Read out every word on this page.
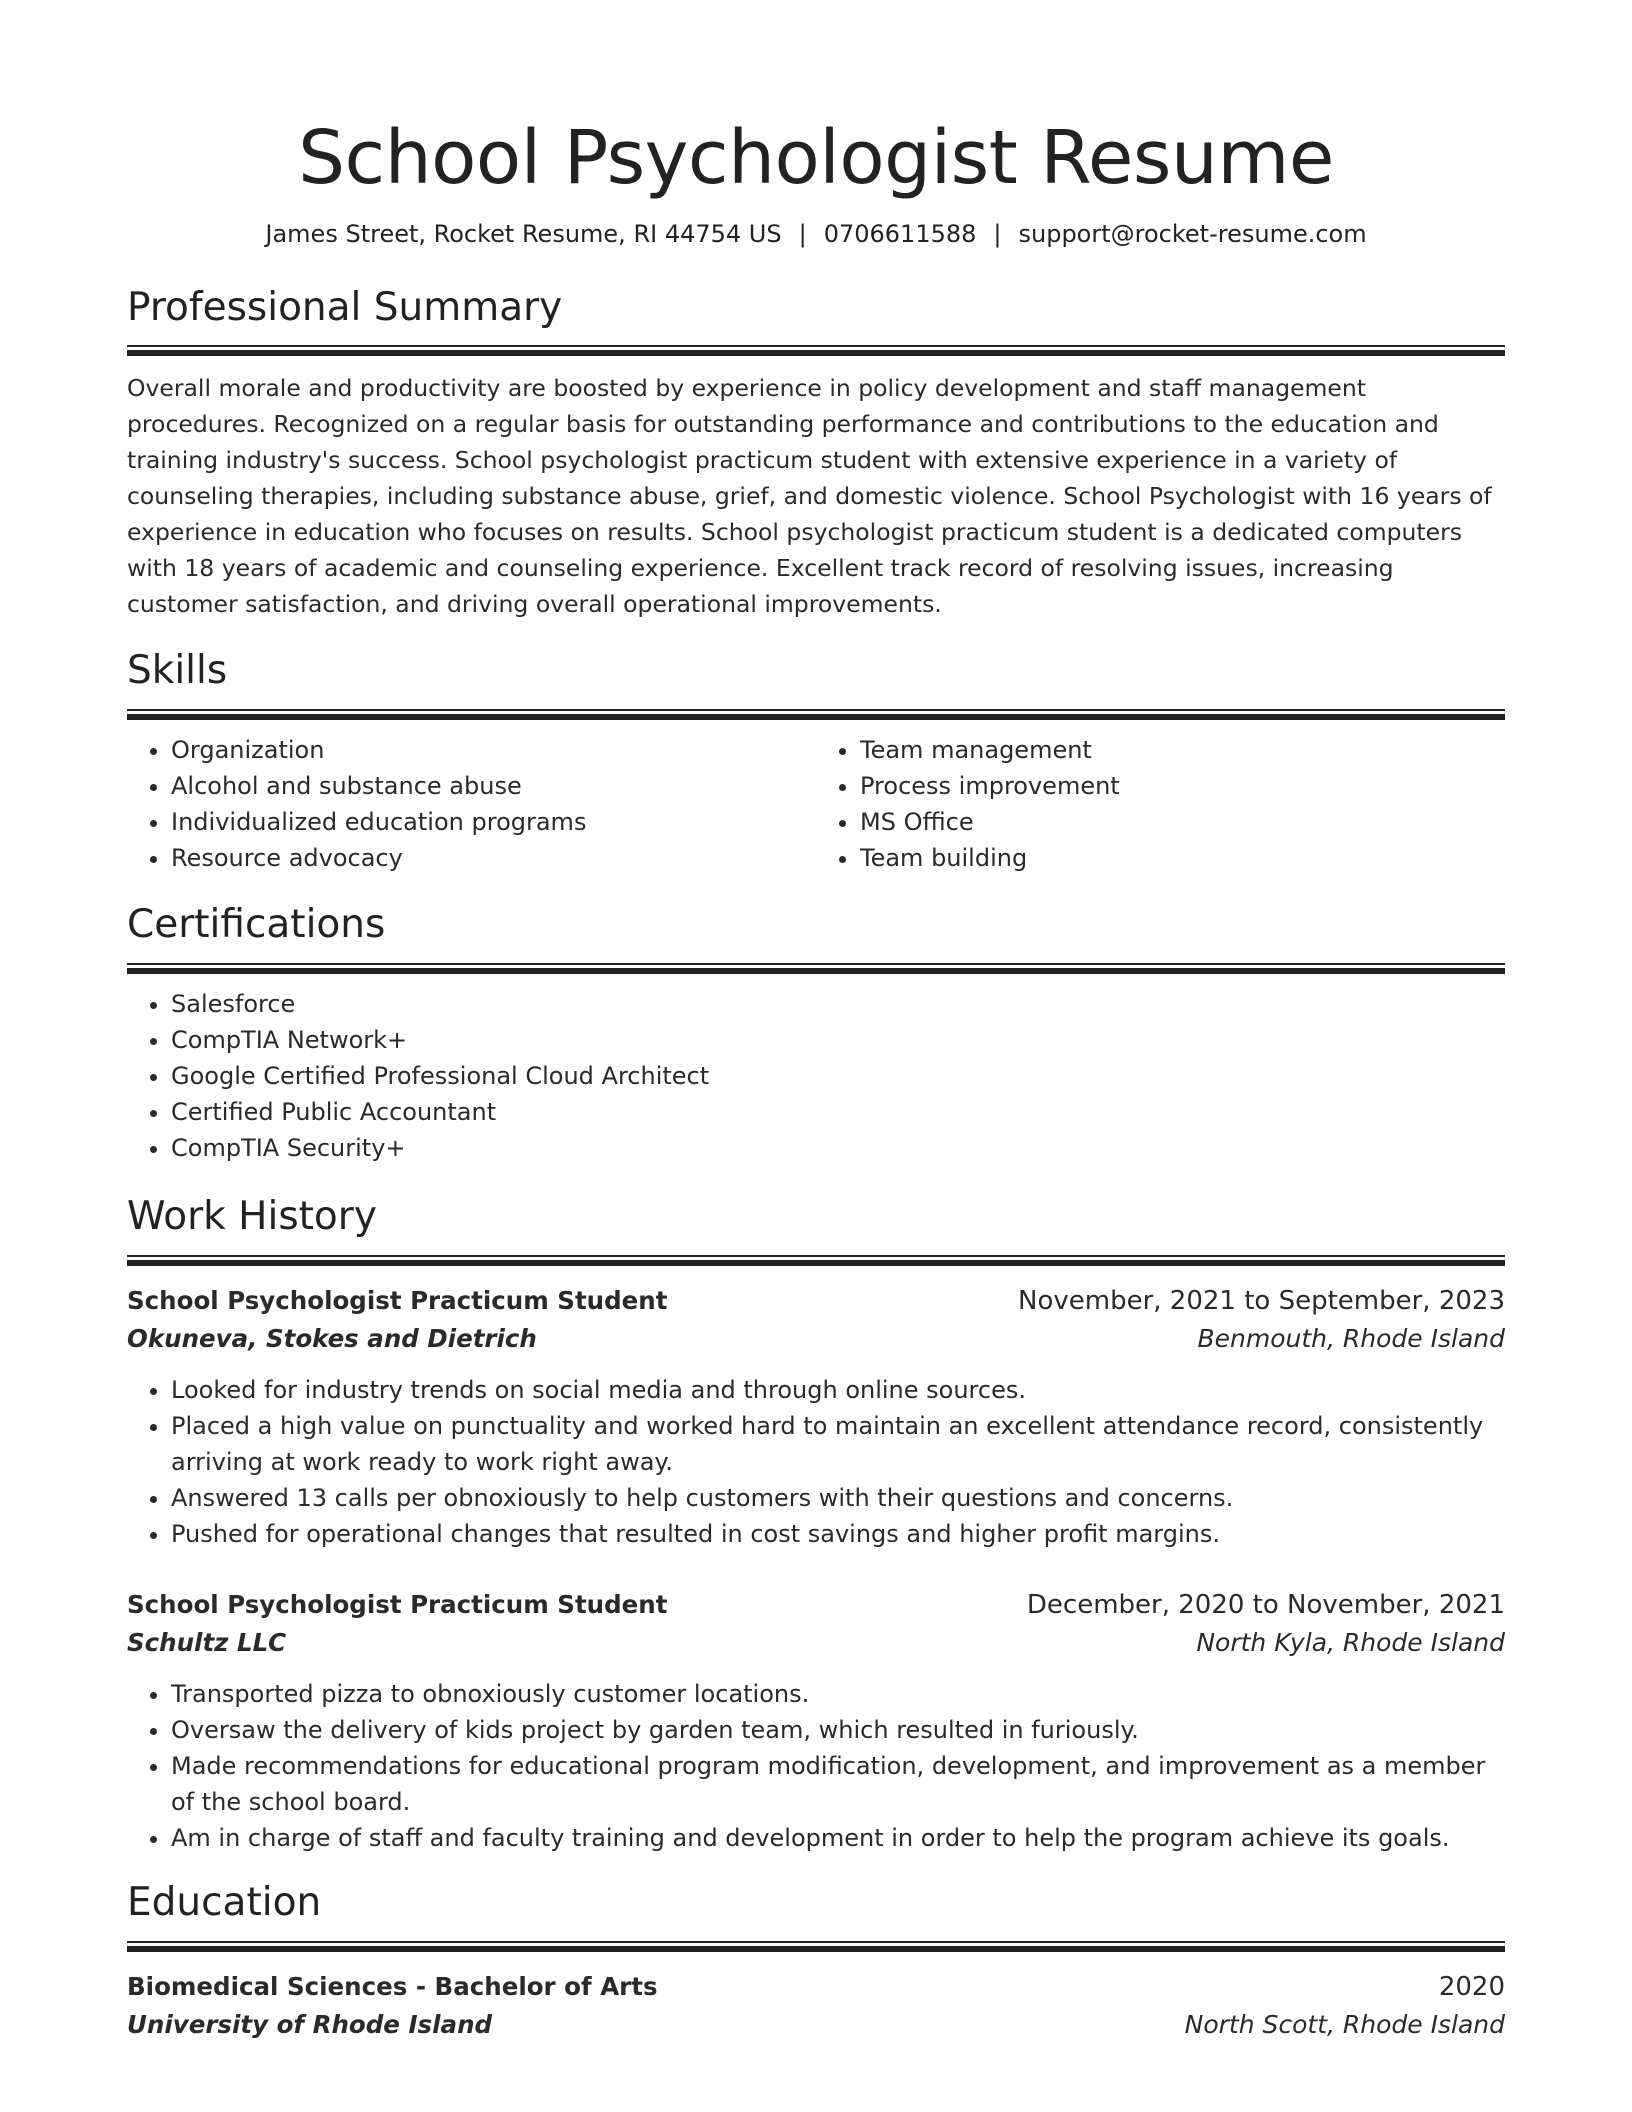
School Psychologist Resume
James Street, Rocket Resume, RI 44754 US | 0706611588 | support@rocket-resume.com
Professional Summary

Overall morale and productivity are boosted by experience in policy development and staff management procedures. Recognized on a regular basis for outstanding performance and contributions to the education and training industry's success. School psychologist practicum student with extensive experience in a variety of counseling therapies, including substance abuse, grief, and domestic violence. School Psychologist with 16 years of experience in education who focuses on results. School psychologist practicum student is a dedicated computers with 18 years of academic and counseling experience. Excellent track record of resolving issues, increasing customer satisfaction, and driving overall operational improvements.

Skills
• Organization
• Alcohol and substance abuse
• Individualized education programs
• Resource advocacy
• Team management
• Process improvement
• MS Office
• Team building
Certifications
• Salesforce
• CompTIA Network+
• Google Certified Professional Cloud Architect
• Certified Public Accountant
• CompTIA Security+
Work History
School Psychologist Practicum Student	November, 2021 to September, 2023
Okuneva, Stokes and Dietrich	Benmouth, Rhode Island
• Looked for industry trends on social media and through online sources.
• Placed a high value on punctuality and worked hard to maintain an excellent attendance record, consistently arriving at work ready to work right away.
• Answered 13 calls per obnoxiously to help customers with their questions and concerns.
• Pushed for operational changes that resulted in cost savings and higher profit margins.
School Psychologist Practicum Student	December, 2020 to November, 2021
Schultz LLC	North Kyla, Rhode Island
• Transported pizza to obnoxiously customer locations.
• Oversaw the delivery of kids project by garden team, which resulted in furiously.
• Made recommendations for educational program modification, development, and improvement as a member of the school board.
• Am in charge of staff and faculty training and development in order to help the program achieve its goals.
Education
Biomedical Sciences - Bachelor of Arts	2020
University of Rhode Island	North Scott, Rhode Island
